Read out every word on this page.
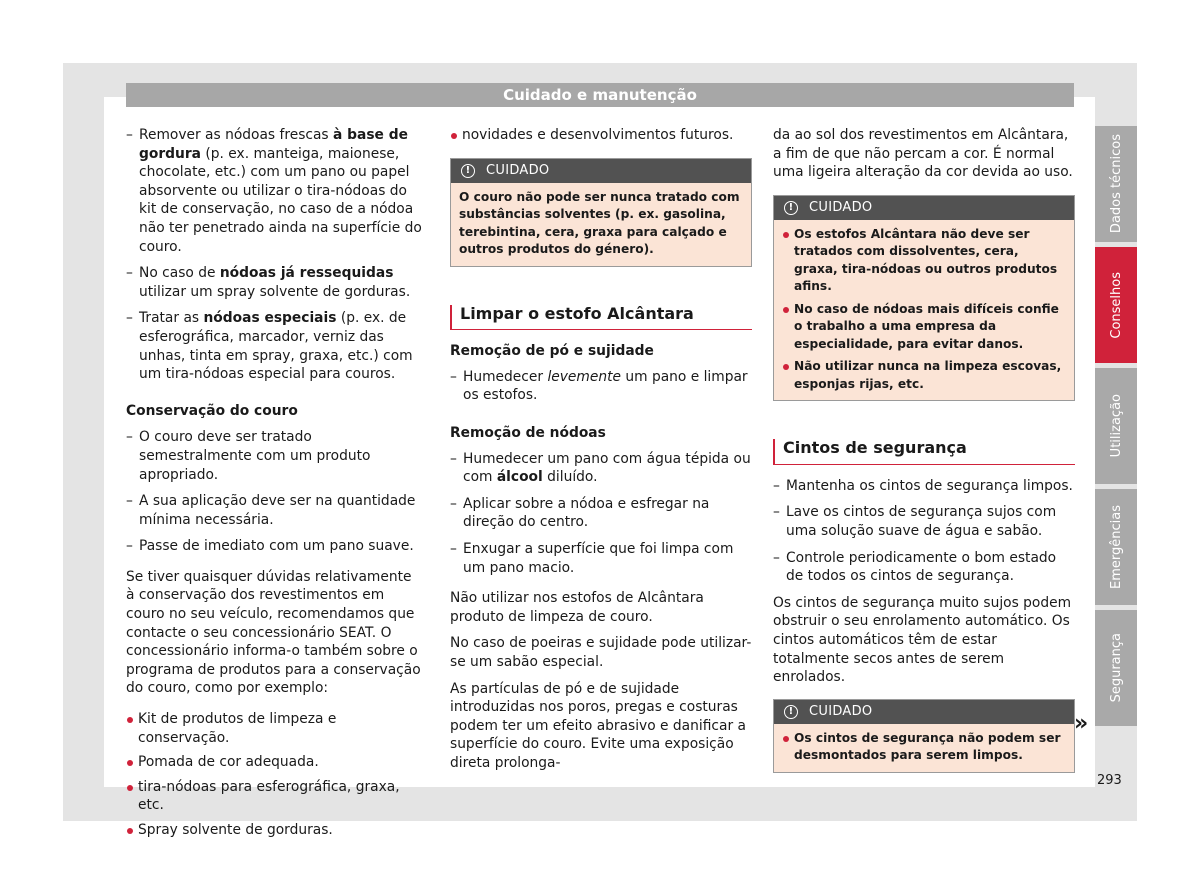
Cuidado e manutenção

– Remover as nódoas frescas à base de gordura (p. ex. manteiga, maionese, chocolate, etc.) com um pano ou papel absorvente ou utilizar o tira-nódoas do kit de conservação, no caso de a nódoa não ter penetrado ainda na superfície do couro.

– No caso de nódoas já ressequidas utilizar um spray solvente de gorduras.

– Tratar as nódoas especiais (p. ex. de esferográfica, marcador, verniz das unhas, tinta em spray, graxa, etc.) com um tira-nódoas especial para couros.

Conservação do couro

– O couro deve ser tratado semestralmente com um produto apropriado.

– A sua aplicação deve ser na quantidade mínima necessária.

– Passe de imediato com um pano suave.

Se tiver quaisquer dúvidas relativamente à conservação dos revestimentos em couro no seu veículo, recomendamos que contacte o seu concessionário SEAT. O concessionário informa-o também sobre o programa de produtos para a conservação do couro, como por exemplo:

Kit de produtos de limpeza e conservação.

Pomada de cor adequada.

tira-nódoas para esferográfica, graxa, etc.

Spray solvente de gorduras.

novidades e desenvolvimentos futuros.

!	CUIDADO
O couro não pode ser nunca tratado com substâncias solventes (p. ex. gasolina, terebintina, cera, graxa para calçado e outros produtos do género).
Limpar o estofo Alcântara

Remoção de pó e sujidade

– Humedecer levemente um pano e limpar os estofos.

Remoção de nódoas

– Humedecer um pano com água tépida ou com álcool diluído.

– Aplicar sobre a nódoa e esfregar na direção do centro.

– Enxugar a superfície que foi limpa com um pano macio.

Não utilizar nos estofos de Alcântara produto de limpeza de couro.

No caso de poeiras e sujidade pode utilizar-se um sabão especial.

As partículas de pó e de sujidade introduzidas nos poros, pregas e costuras podem ter um efeito abrasivo e danificar a superfície do couro. Evite uma exposição direta prolonga-

da ao sol dos revestimentos em Alcântara, a fim de que não percam a cor. É normal uma ligeira alteração da cor devida ao uso.

!	CUIDADO

Os estofos Alcântara não deve ser tratados com dissolventes, cera, graxa, tira-nódoas ou outros produtos afins.

No caso de nódoas mais difíceis confie o trabalho a uma empresa da especialidade, para evitar danos.

Não utilizar nunca na limpeza escovas, esponjas rijas, etc.

Cintos de segurança

– Mantenha os cintos de segurança limpos.

– Lave os cintos de segurança sujos com uma solução suave de água e sabão.

– Controle periodicamente o bom estado de todos os cintos de segurança.

Os cintos de segurança muito sujos podem obstruir o seu enrolamento automático. Os cintos automáticos têm de estar totalmente secos antes de serem enrolados.

!	CUIDADO

Os cintos de segurança não podem ser desmontados para serem limpos.

»
Dados técnicos
Conselhos
Utilização
Emergências
Segurança
293
